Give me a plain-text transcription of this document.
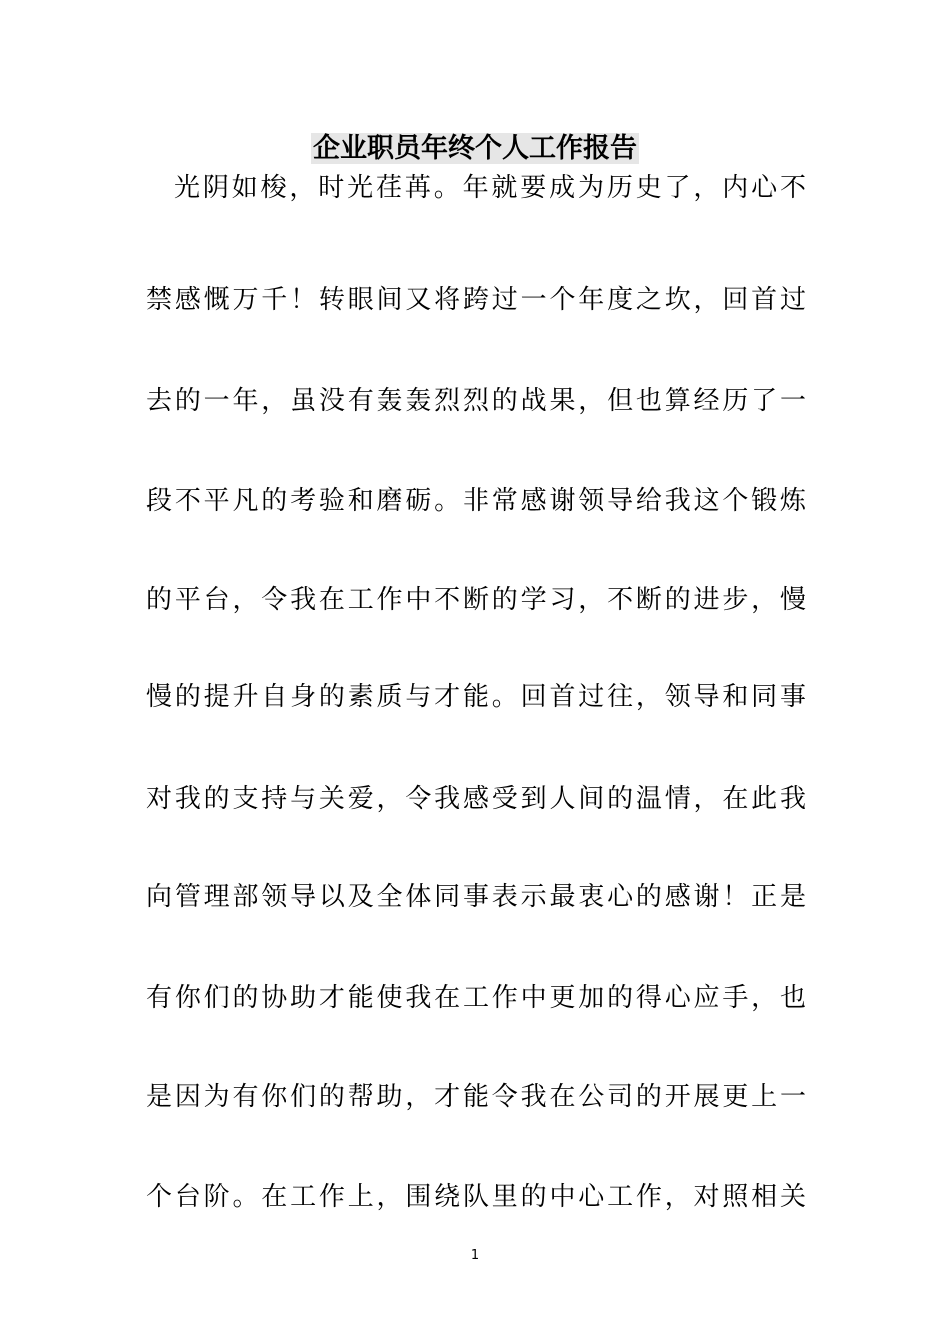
企业职员年终个人工作报告

光阴如梭，时光荏苒。年就要成为历史了，内心不

禁感慨万千！转眼间又将跨过一个年度之坎，回首过

去的一年，虽没有轰轰烈烈的战果，但也算经历了一

段不平凡的考验和磨砺。非常感谢领导给我这个锻炼

的平台，令我在工作中不断的学习，不断的进步，慢

慢的提升自身的素质与才能。回首过往，领导和同事

对我的支持与关爱，令我感受到人间的温情，在此我

向管理部领导以及全体同事表示最衷心的感谢！正是

有你们的协助才能使我在工作中更加的得心应手，也

是因为有你们的帮助，才能令我在公司的开展更上一

个台阶。在工作上，围绕队里的中心工作，对照相关

1
